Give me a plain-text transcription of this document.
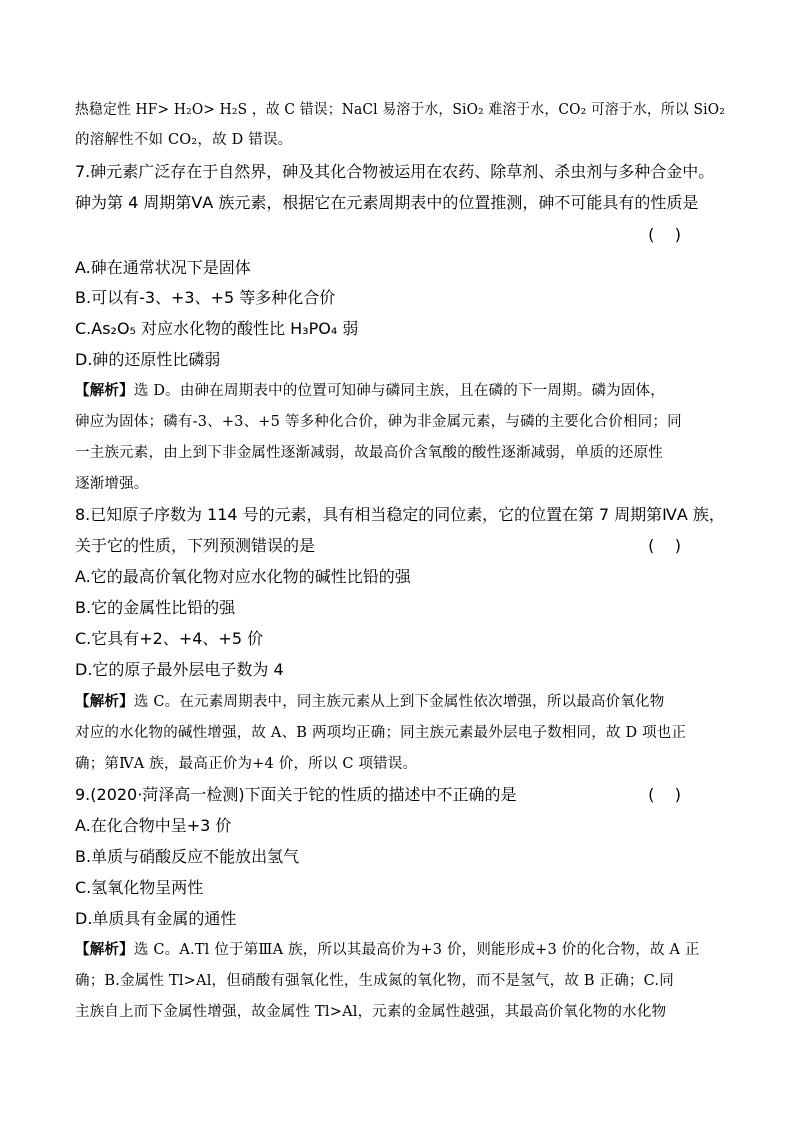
热稳定性 HF> H₂O> H₂S ，故 C 错误；NaCl 易溶于水，SiO₂ 难溶于水，CO₂ 可溶于水，所以 SiO₂
的溶解性不如 CO₂，故 D 错误。
7.砷元素广泛存在于自然界，砷及其化合物被运用在农药、除草剂、杀虫剂与多种合金中。
砷为第 4 周期第ⅤA 族元素，根据它在元素周期表中的位置推测，砷不可能具有的性质是
(    )
A.砷在通常状况下是固体
B.可以有-3、+3、+5 等多种化合价
C.As₂O₅ 对应水化物的酸性比 H₃PO₄ 弱
D.砷的还原性比磷弱
【解析】选 D。由砷在周期表中的位置可知砷与磷同主族，且在磷的下一周期。磷为固体，
砷应为固体；磷有-3、+3、+5 等多种化合价，砷为非金属元素，与磷的主要化合价相同；同
一主族元素，由上到下非金属性逐渐减弱，故最高价含氧酸的酸性逐渐减弱，单质的还原性
逐渐增强。
8.已知原子序数为 114 号的元素，具有相当稳定的同位素，它的位置在第 7 周期第ⅣA 族，
关于它的性质，下列预测错误的是	(    )
A.它的最高价氧化物对应水化物的碱性比铅的强
B.它的金属性比铅的强
C.它具有+2、+4、+5 价
D.它的原子最外层电子数为 4
【解析】选 C。在元素周期表中，同主族元素从上到下金属性依次增强，所以最高价氧化物
对应的水化物的碱性增强，故 A、B 两项均正确；同主族元素最外层电子数相同，故 D 项也正
确；第ⅣA 族，最高正价为+4 价，所以 C 项错误。
9.(2020·菏泽高一检测)下面关于铊的性质的描述中不正确的是	(    )
A.在化合物中呈+3 价
B.单质与硝酸反应不能放出氢气
C.氢氧化物呈两性
D.单质具有金属的通性
【解析】选 C。A.Tl 位于第ⅢA 族，所以其最高价为+3 价，则能形成+3 价的化合物，故 A 正
确；B.金属性 Tl>Al，但硝酸有强氧化性，生成氮的氧化物，而不是氢气，故 B 正确；C.同
主族自上而下金属性增强，故金属性 Tl>Al，元素的金属性越强，其最高价氧化物的水化物
